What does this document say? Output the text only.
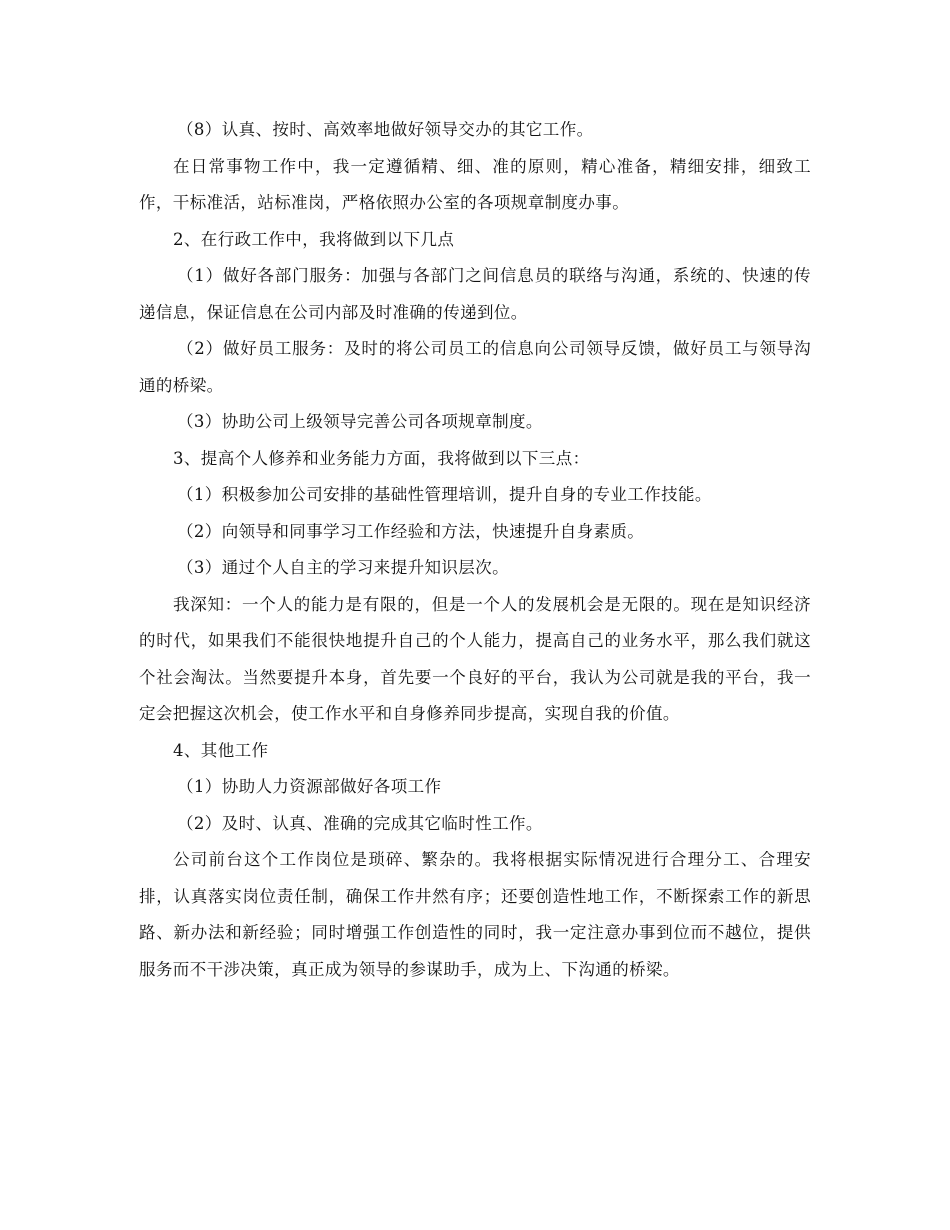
（8）认真、按时、高效率地做好领导交办的其它工作。

在日常事物工作中，我一定遵循精、细、准的原则，精心准备，精细安排，细致工作，干标准活，站标准岗，严格依照办公室的各项规章制度办事。

2、在行政工作中，我将做到以下几点

（1）做好各部门服务：加强与各部门之间信息员的联络与沟通，系统的、快速的传递信息，保证信息在公司内部及时准确的传递到位。

（2）做好员工服务：及时的将公司员工的信息向公司领导反馈，做好员工与领导沟通的桥梁。

（3）协助公司上级领导完善公司各项规章制度。

3、提高个人修养和业务能力方面，我将做到以下三点：

（1）积极参加公司安排的基础性管理培训，提升自身的专业工作技能。

（2）向领导和同事学习工作经验和方法，快速提升自身素质。

（3）通过个人自主的学习来提升知识层次。

我深知：一个人的能力是有限的，但是一个人的发展机会是无限的。现在是知识经济的时代，如果我们不能很快地提升自己的个人能力，提高自己的业务水平，那么我们就这个社会淘汰。当然要提升本身，首先要一个良好的平台，我认为公司就是我的平台，我一定会把握这次机会，使工作水平和自身修养同步提高，实现自我的价值。

4、其他工作

（1）协助人力资源部做好各项工作

（2）及时、认真、准确的完成其它临时性工作。

公司前台这个工作岗位是琐碎、繁杂的。我将根据实际情况进行合理分工、合理安排，认真落实岗位责任制，确保工作井然有序；还要创造性地工作，不断探索工作的新思路、新办法和新经验；同时增强工作创造性的同时，我一定注意办事到位而不越位，提供服务而不干涉决策，真正成为领导的参谋助手，成为上、下沟通的桥梁。
